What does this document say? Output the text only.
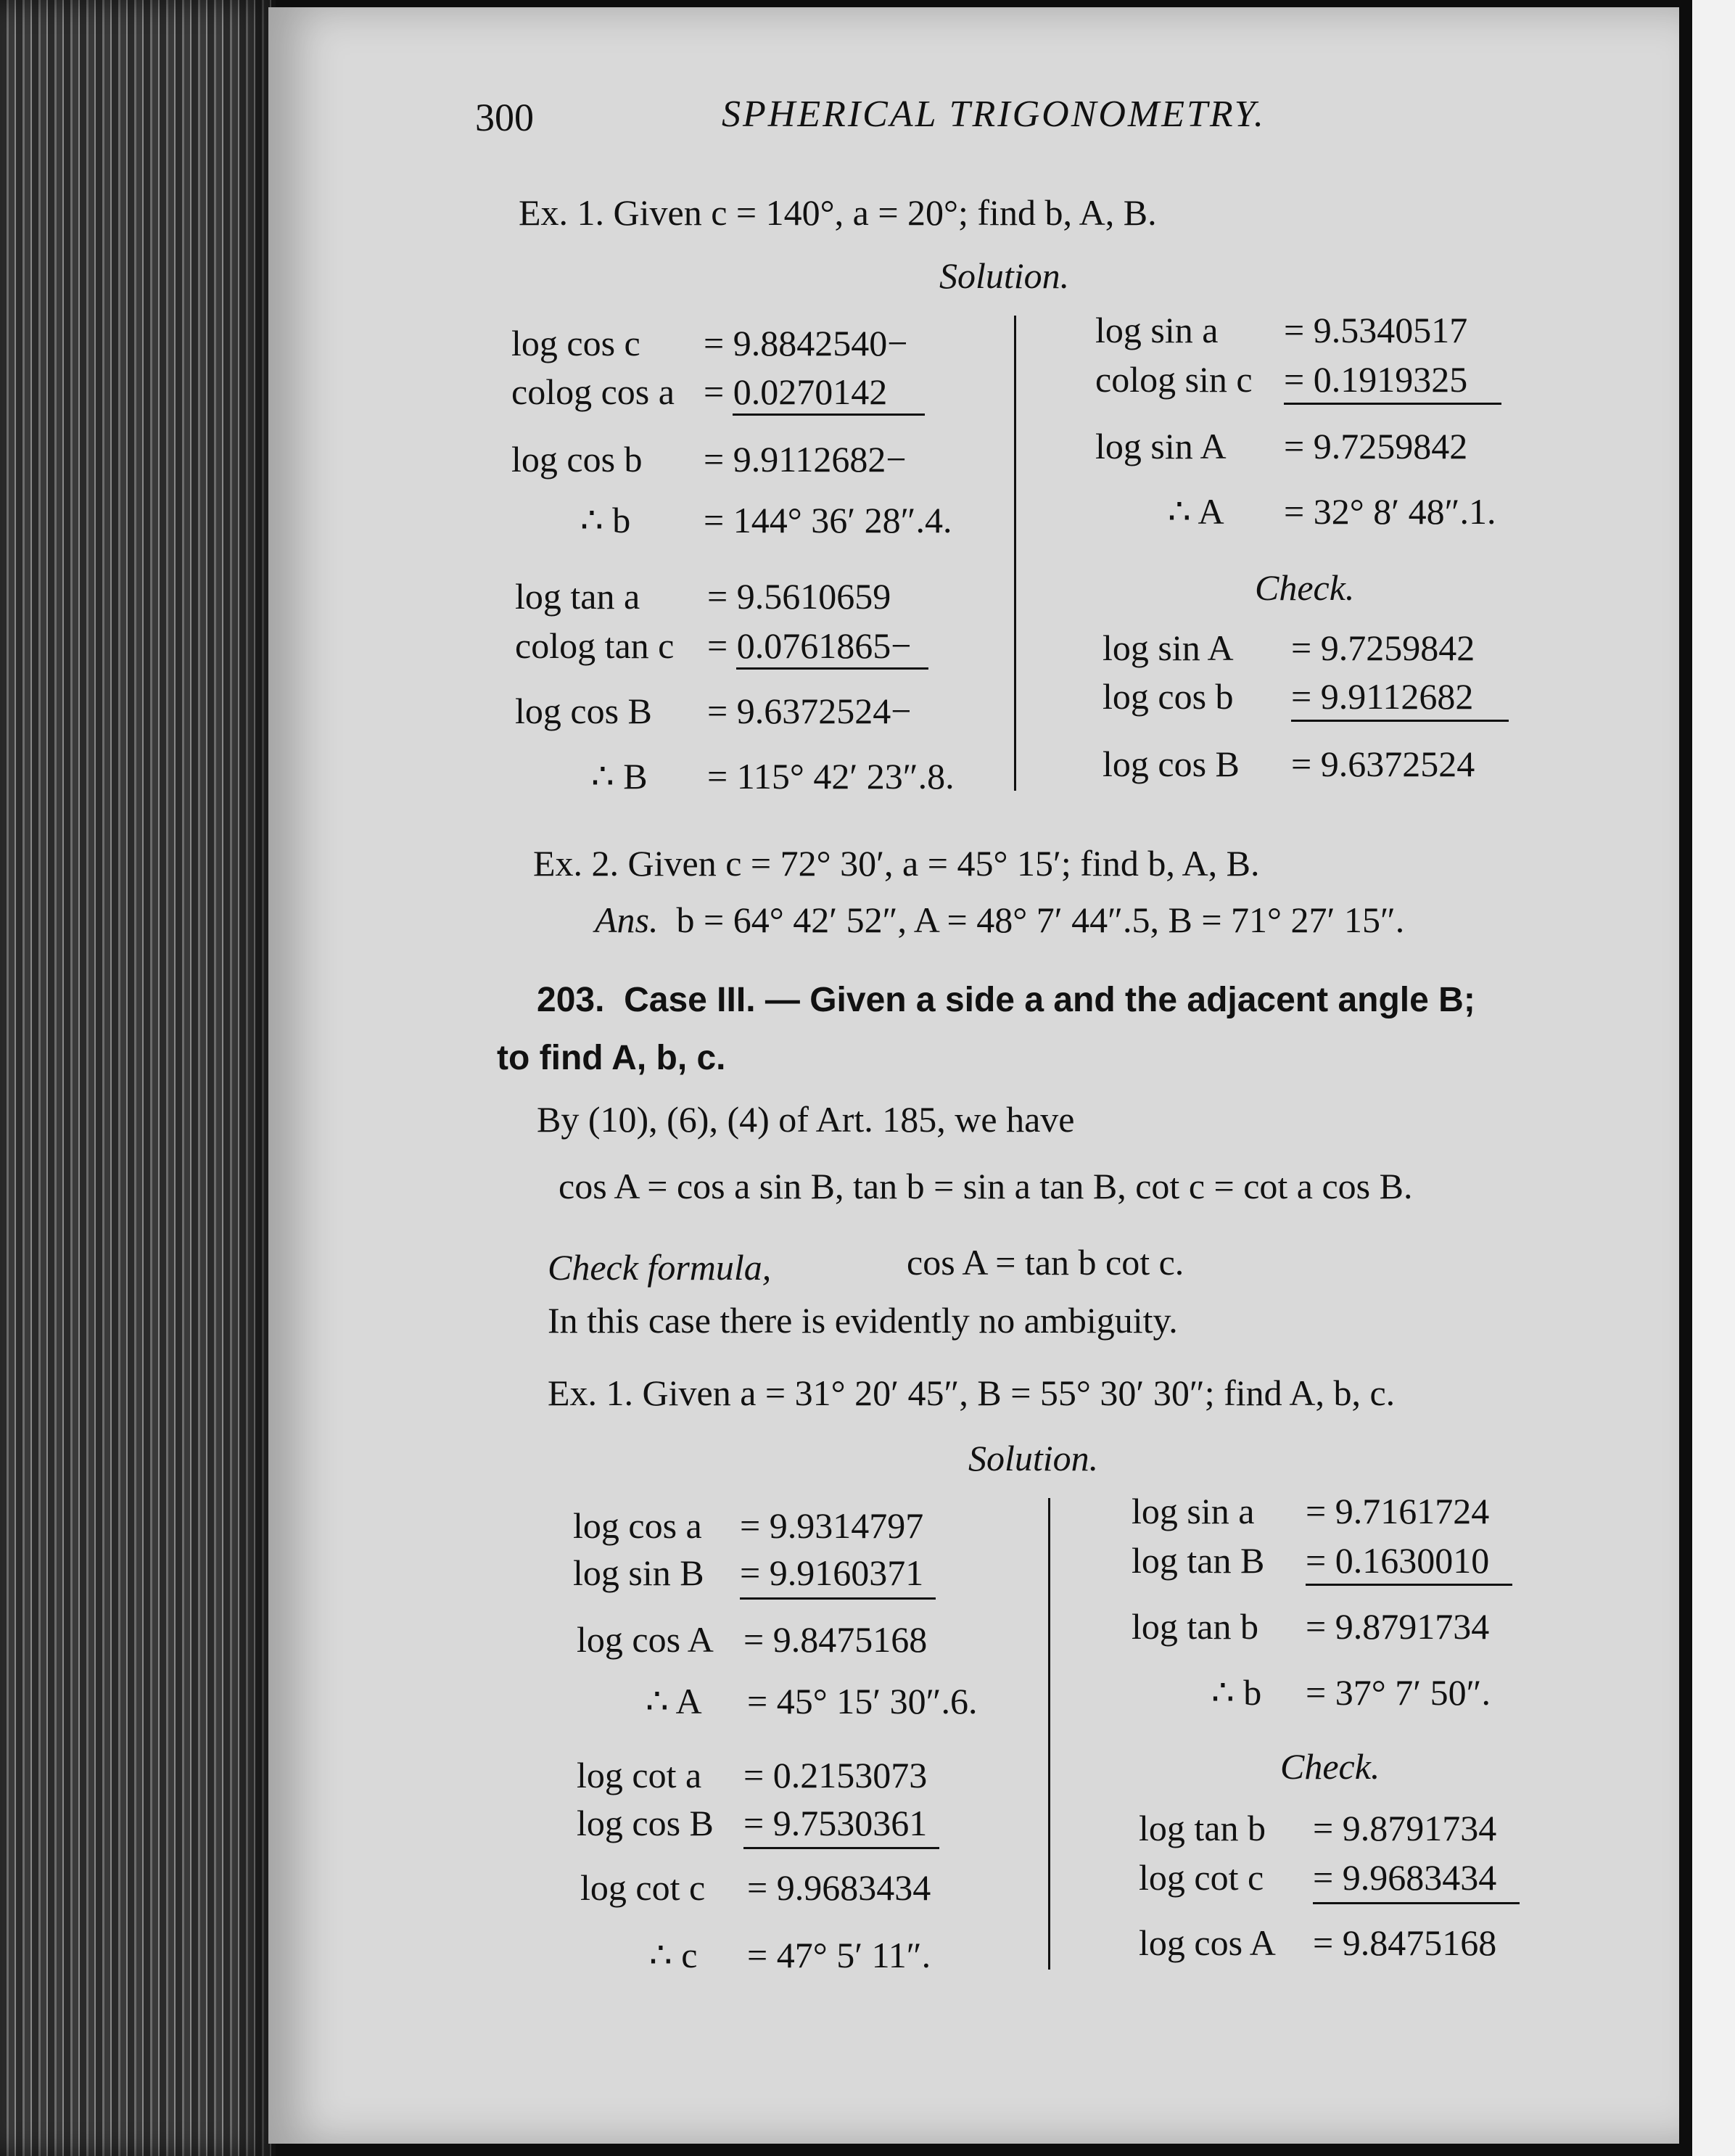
300	SPHERICAL TRIGONOMETRY.
Ex. 1. Given c = 140°, a = 20°; find b, A, B.
Solution.
log cos c = 9.8842540−
colog cos a = 0.0270142
log cos b = 9.9112682−
∴ b = 144° 36′ 28″.4.
log tan a = 9.5610659
colog tan c = 0.0761865−
log cos B = 9.6372524−
∴ B = 115° 42′ 23″.8.
log sin a = 9.5340517
colog sin c = 0.1919325
log sin A = 9.7259842
∴ A = 32° 8′ 48″.1.
Check.
log sin A = 9.7259842
log cos b = 9.9112682
log cos B = 9.6372524
Ex. 2. Given c = 72° 30′, a = 45° 15′; find b, A, B.
Ans. b = 64° 42′ 52″, A = 48° 7′ 44″.5, B = 71° 27′ 15″.
203. Case III. — Given a side a and the adjacent angle B;
to find A, b, c.
By (10), (6), (4) of Art. 185, we have
cos A = cos a sin B, tan b = sin a tan B, cot c = cot a cos B.
Check formula,	cos A = tan b cot c.
In this case there is evidently no ambiguity.
Ex. 1. Given a = 31° 20′ 45″, B = 55° 30′ 30″; find A, b, c.
Solution.
log cos a = 9.9314797
log sin B = 9.9160371
log cos A = 9.8475168
∴ A = 45° 15′ 30″.6.
log cot a = 0.2153073
log cos B = 9.7530361
log cot c = 9.9683434
∴ c = 47° 5′ 11″.
log sin a = 9.7161724
log tan B = 0.1630010
log tan b = 9.8791734
∴ b = 37° 7′ 50″.
Check.
log tan b = 9.8791734
log cot c = 9.9683434
log cos A = 9.8475168
